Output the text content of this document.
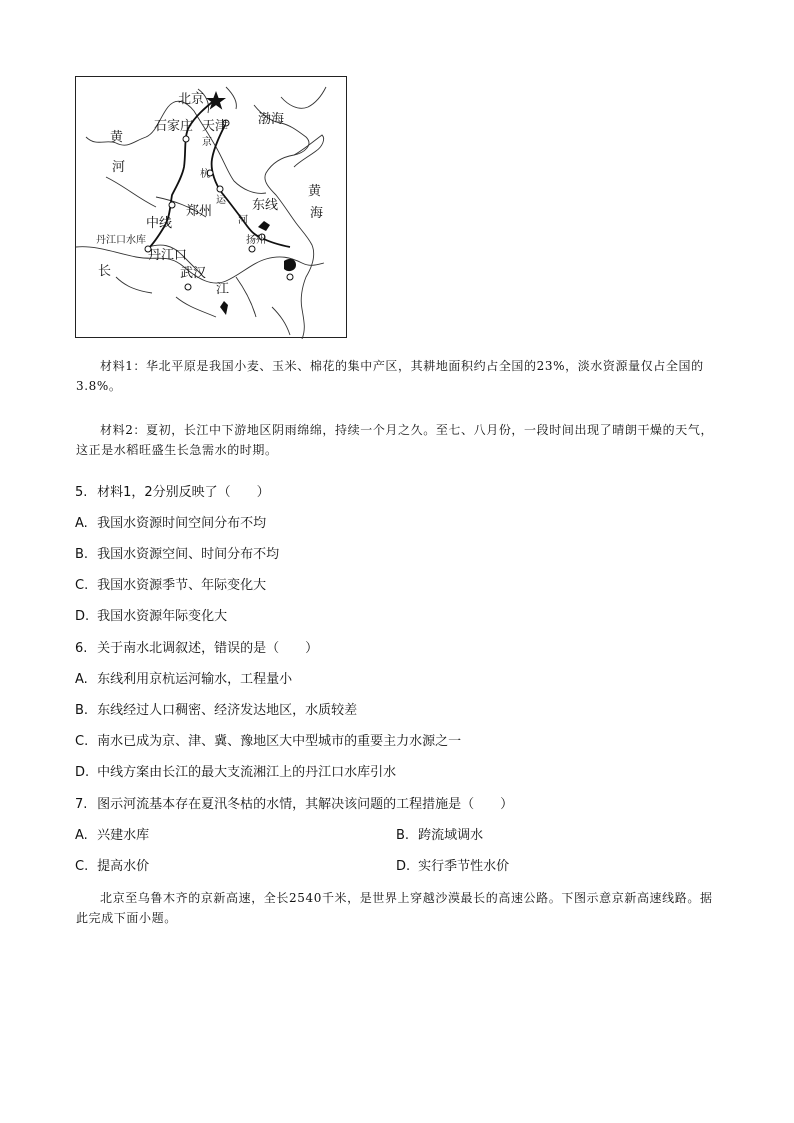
北京
天津
石家庄	渤海
黄
河
京
杭
运
河
郑州
中线
东线
扬州
黄
海
丹江口水库
丹江口
长	武汉
江

材料1：华北平原是我国小麦、玉米、棉花的集中产区，其耕地面积约占全国的23%，淡水资源量仅占全国的3.8%。

材料2：夏初，长江中下游地区阴雨绵绵，持续一个月之久。至七、八月份，一段时间出现了晴朗干燥的天气，这正是水稻旺盛生长急需水的时期。

5. 材料1，2分别反映了（　　）
A. 我国水资源时间空间分布不均
B. 我国水资源空间、时间分布不均
C. 我国水资源季节、年际变化大
D. 我国水资源年际变化大
6. 关于南水北调叙述，错误的是（　　）
A. 东线利用京杭运河输水，工程量小
B. 东线经过人口稠密、经济发达地区，水质较差
C. 南水已成为京、津、冀、豫地区大中型城市的重要主力水源之一
D. 中线方案由长江的最大支流湘江上的丹江口水库引水
7. 图示河流基本存在夏汛冬枯的水情，其解决该问题的工程措施是（　　）
A. 兴建水库	B. 跨流域调水
C. 提高水价	D. 实行季节性水价

北京至乌鲁木齐的京新高速，全长2540千米，是世界上穿越沙漠最长的高速公路。下图示意京新高速线路。据此完成下面小题。
